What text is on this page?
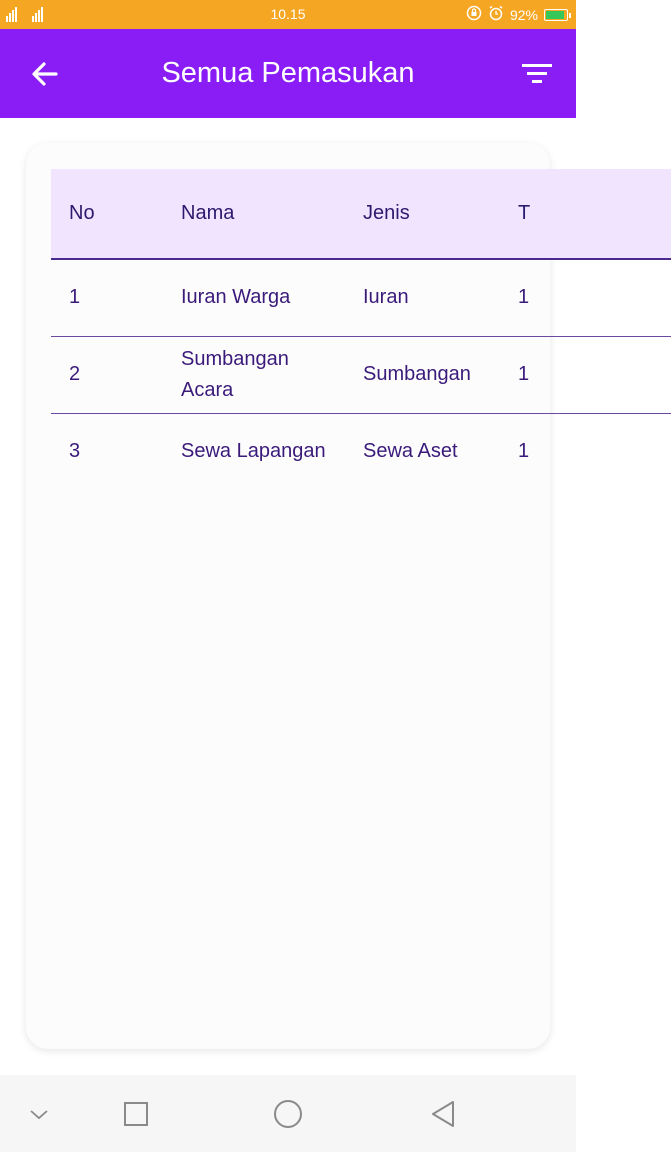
10.15	92%
Semua Pemasukan
No	Nama	Jenis	T
1	Iuran Warga	Iuran	1
2	Sumbangan Acara	Sumbangan	1
3	Sewa Lapangan	Sewa Aset	1
